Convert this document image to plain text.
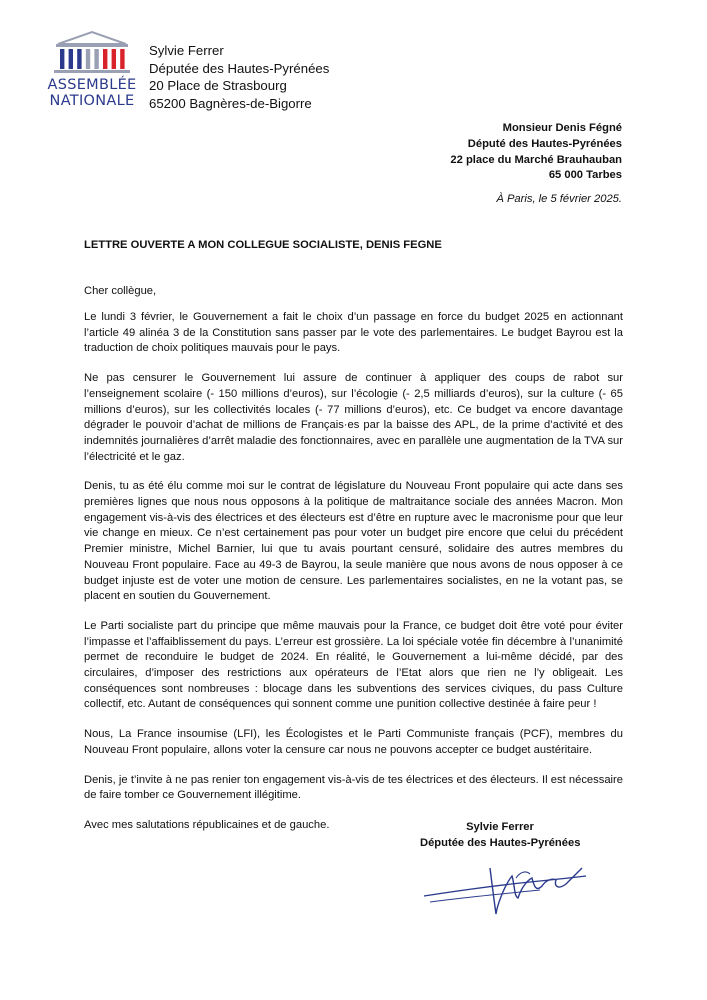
ASSEMBLÉE
NATIONALE
Sylvie Ferrer
Députée des Hautes-Pyrénées
20 Place de Strasbourg
65200 Bagnères-de-Bigorre
Monsieur Denis Fégné
Député des Hautes-Pyrénées
22 place du Marché Brauhauban
65 000 Tarbes
À Paris, le 5 février 2025.
LETTRE OUVERTE A MON COLLEGUE SOCIALISTE, DENIS FEGNE
Cher collègue,

Le lundi 3 février, le Gouvernement a fait le choix d’un passage en force du budget 2025 en actionnant l’article 49 alinéa 3 de la Constitution sans passer par le vote des parlementaires. Le budget Bayrou est la traduction de choix politiques mauvais pour le pays.

Ne pas censurer le Gouvernement lui assure de continuer à appliquer des coups de rabot sur l’enseignement scolaire (- 150 millions d’euros), sur l’écologie (- 2,5 milliards d’euros), sur la culture (- 65 millions d’euros), sur les collectivités locales (- 77 millions d’euros), etc. Ce budget va encore davantage dégrader le pouvoir d’achat de millions de Français·es par la baisse des APL, de la prime d’activité et des indemnités journalières d’arrêt maladie des fonctionnaires, avec en parallèle une augmentation de la TVA sur l’électricité et le gaz.

Denis, tu as été élu comme moi sur le contrat de législature du Nouveau Front populaire qui acte dans ses premières lignes que nous nous opposons à la politique de maltraitance sociale des années Macron. Mon engagement vis-à-vis des électrices et des électeurs est d’être en rupture avec le macronisme pour que leur vie change en mieux. Ce n’est certainement pas pour voter un budget pire encore que celui du précédent Premier ministre, Michel Barnier, lui que tu avais pourtant censuré, solidaire des autres membres du Nouveau Front populaire. Face au 49-3 de Bayrou, la seule manière que nous avons de nous opposer à ce budget injuste est de voter une motion de censure. Les parlementaires socialistes, en ne la votant pas, se placent en soutien du Gouvernement.

Le Parti socialiste part du principe que même mauvais pour la France, ce budget doit être voté pour éviter l’impasse et l’affaiblissement du pays. L’erreur est grossière. La loi spéciale votée fin décembre à l’unanimité permet de reconduire le budget de 2024. En réalité, le Gouvernement a lui-même décidé, par des circulaires, d’imposer des restrictions aux opérateurs de l’Etat alors que rien ne l’y obligeait. Les conséquences sont nombreuses : blocage dans les subventions des services civiques, du pass Culture collectif, etc. Autant de conséquences qui sonnent comme une punition collective destinée à faire peur !

Nous, La France insoumise (LFI), les Écologistes et le Parti Communiste français (PCF), membres du Nouveau Front populaire, allons voter la censure car nous ne pouvons accepter ce budget austéritaire.

Denis, je t’invite à ne pas renier ton engagement vis-à-vis de tes électrices et des électeurs. Il est nécessaire de faire tomber ce Gouvernement illégitime.

Avec mes salutations républicaines et de gauche.	Sylvie Ferrer
Députée des Hautes-Pyrénées
